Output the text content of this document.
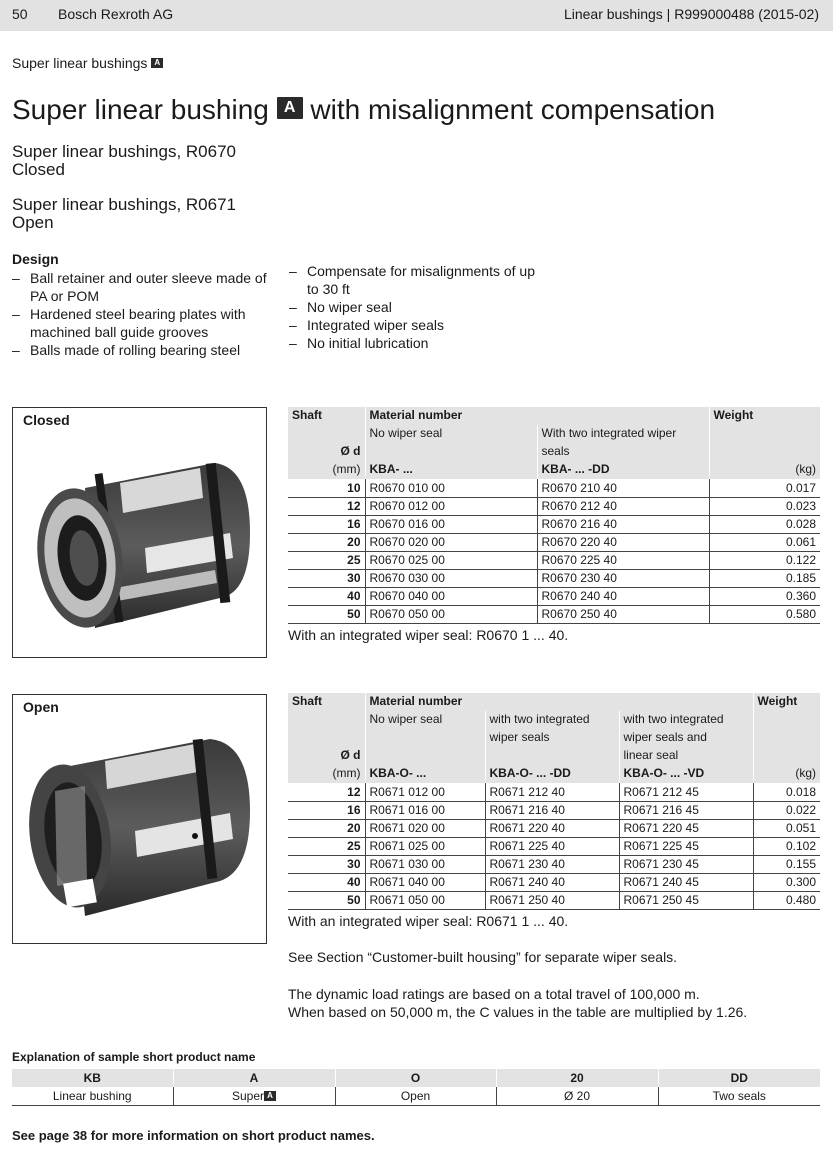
50 Bosch Rexroth AG	Linear bushings | R999000488 (2015-02)
Super linear bushings A
Super linear bushing A with misalignment compensation
Super linear bushings, R0670
Closed
Super linear bushings, R0671
Open
Design
– Ball retainer and outer sleeve made of PA or POM
– Hardened steel bearing plates with machined ball guide grooves
– Balls made of rolling bearing steel
– Compensate for misalignments of up to 30 ft
– No wiper seal
– Integrated wiper seals
– No initial lubrication
Closed	Shaft	Material number		Weight
	No wiper seal	With two integrated wiper	
Ø d		seals	
(mm)	KBA- ...	KBA- ... -DD	(kg)
10	R0670 010 00	R0670 210 40	0.017
12	R0670 012 00	R0670 212 40	0.023
16	R0670 016 00	R0670 216 40	0.028
20	R0670 020 00	R0670 220 40	0.061
25	R0670 025 00	R0670 225 40	0.122
30	R0670 030 00	R0670 230 40	0.185
40	R0670 040 00	R0670 240 40	0.360
50	R0670 050 00	R0670 250 40	0.580
With an integrated wiper seal: R0670 1 ... 40.
Open	Shaft	Material number			Weight
	No wiper seal	with two integrated	with two integrated	
		wiper seals	wiper seals and	
Ø d			linear seal	
(mm)	KBA-O- ...	KBA-O- ... -DD	KBA-O- ... -VD	(kg)
12	R0671 012 00	R0671 212 40	R0671 212 45	0.018
16	R0671 016 00	R0671 216 40	R0671 216 45	0.022
20	R0671 020 00	R0671 220 40	R0671 220 45	0.051
25	R0671 025 00	R0671 225 40	R0671 225 45	0.102
30	R0671 030 00	R0671 230 40	R0671 230 45	0.155
40	R0671 040 00	R0671 240 40	R0671 240 45	0.300
50	R0671 050 00	R0671 250 40	R0671 250 45	0.480
With an integrated wiper seal: R0671 1 ... 40.
See Section “Customer-built housing” for separate wiper seals.
The dynamic load ratings are based on a total travel of 100,000 m.
When based on 50,000 m, the C values in the table are multiplied by 1.26.
Explanation of sample short product name
KB	A	O	20	DD
Linear bushing	Super A	Open	Ø 20	Two seals
See page 38 for more information on short product names.
